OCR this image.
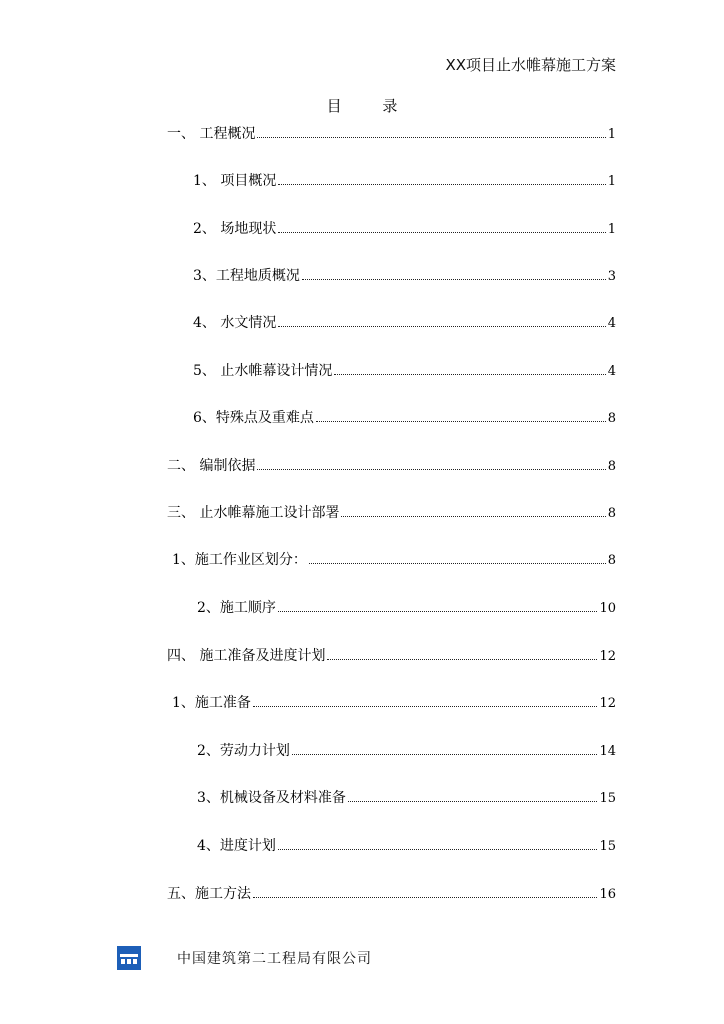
XX项目止水帷幕施工方案
目 录
一、 工程概况	1
1、 项目概况	1
2、 场地现状	1
3、工程地质概况	3
4、 水文情况	4
5、 止水帷幕设计情况	4
6、特殊点及重难点	8
二、 编制依据	8
三、 止水帷幕施工设计部署	8
1、施工作业区划分：	8
2、施工顺序	10
四、 施工准备及进度计划	12
1、施工准备	12
2、劳动力计划	14
3、机械设备及材料准备	15
4、进度计划	15
五、施工方法	16
中国建筑第二工程局有限公司
